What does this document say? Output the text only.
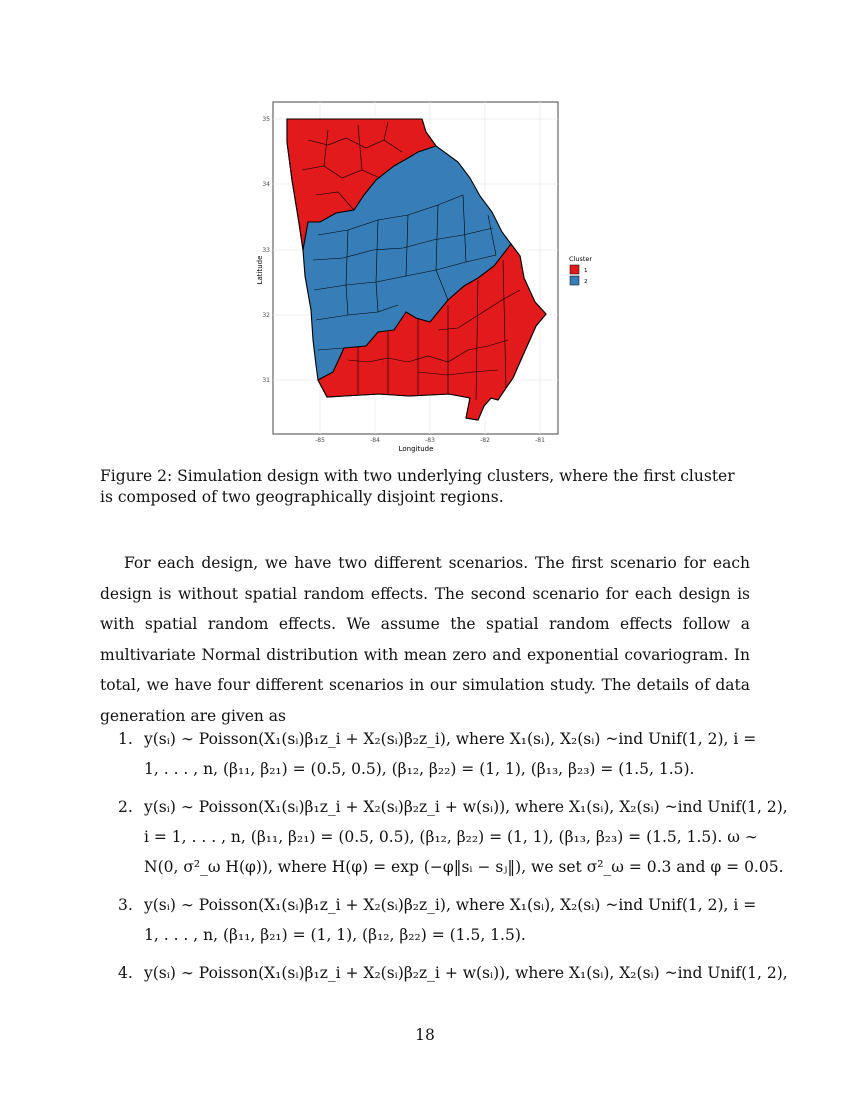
35
34
33
32
31
-85	-84	-83	-82	-81
Longitude
Latitude	Cluster
1
2
Figure 2: Simulation design with two underlying clusters, where the first cluster is composed of two geographically disjoint regions.

For each design, we have two different scenarios. The first scenario for each design is without spatial random effects. The second scenario for each design is with spatial random effects. We assume the spatial random effects follow a multivariate Normal distribution with mean zero and exponential covariogram. In total, we have four different scenarios in our simulation study. The details of data generation are given as

1. y(sᵢ) ∼ Poisson(X₁(sᵢ)β₁z_i + X₂(sᵢ)β₂z_i), where X₁(sᵢ), X₂(sᵢ) ~ind Unif(1, 2), i =
1, . . . , n, (β₁₁, β₂₁) = (0.5, 0.5), (β₁₂, β₂₂) = (1, 1), (β₁₃, β₂₃) = (1.5, 1.5).
2. y(sᵢ) ∼ Poisson(X₁(sᵢ)β₁z_i + X₂(sᵢ)β₂z_i + w(sᵢ)), where X₁(sᵢ), X₂(sᵢ) ~ind Unif(1, 2),
i = 1, . . . , n, (β₁₁, β₂₁) = (0.5, 0.5), (β₁₂, β₂₂) = (1, 1), (β₁₃, β₂₃) = (1.5, 1.5). ω ∼
N(0, σ²_ω H(φ)), where H(φ) = exp (−φ‖sᵢ − sⱼ‖), we set σ²_ω = 0.3 and φ = 0.05.
3. y(sᵢ) ∼ Poisson(X₁(sᵢ)β₁z_i + X₂(sᵢ)β₂z_i), where X₁(sᵢ), X₂(sᵢ) ~ind Unif(1, 2), i =
1, . . . , n, (β₁₁, β₂₁) = (1, 1), (β₁₂, β₂₂) = (1.5, 1.5).
4. y(sᵢ) ∼ Poisson(X₁(sᵢ)β₁z_i + X₂(sᵢ)β₂z_i + w(sᵢ)), where X₁(sᵢ), X₂(sᵢ) ~ind Unif(1, 2),
18
